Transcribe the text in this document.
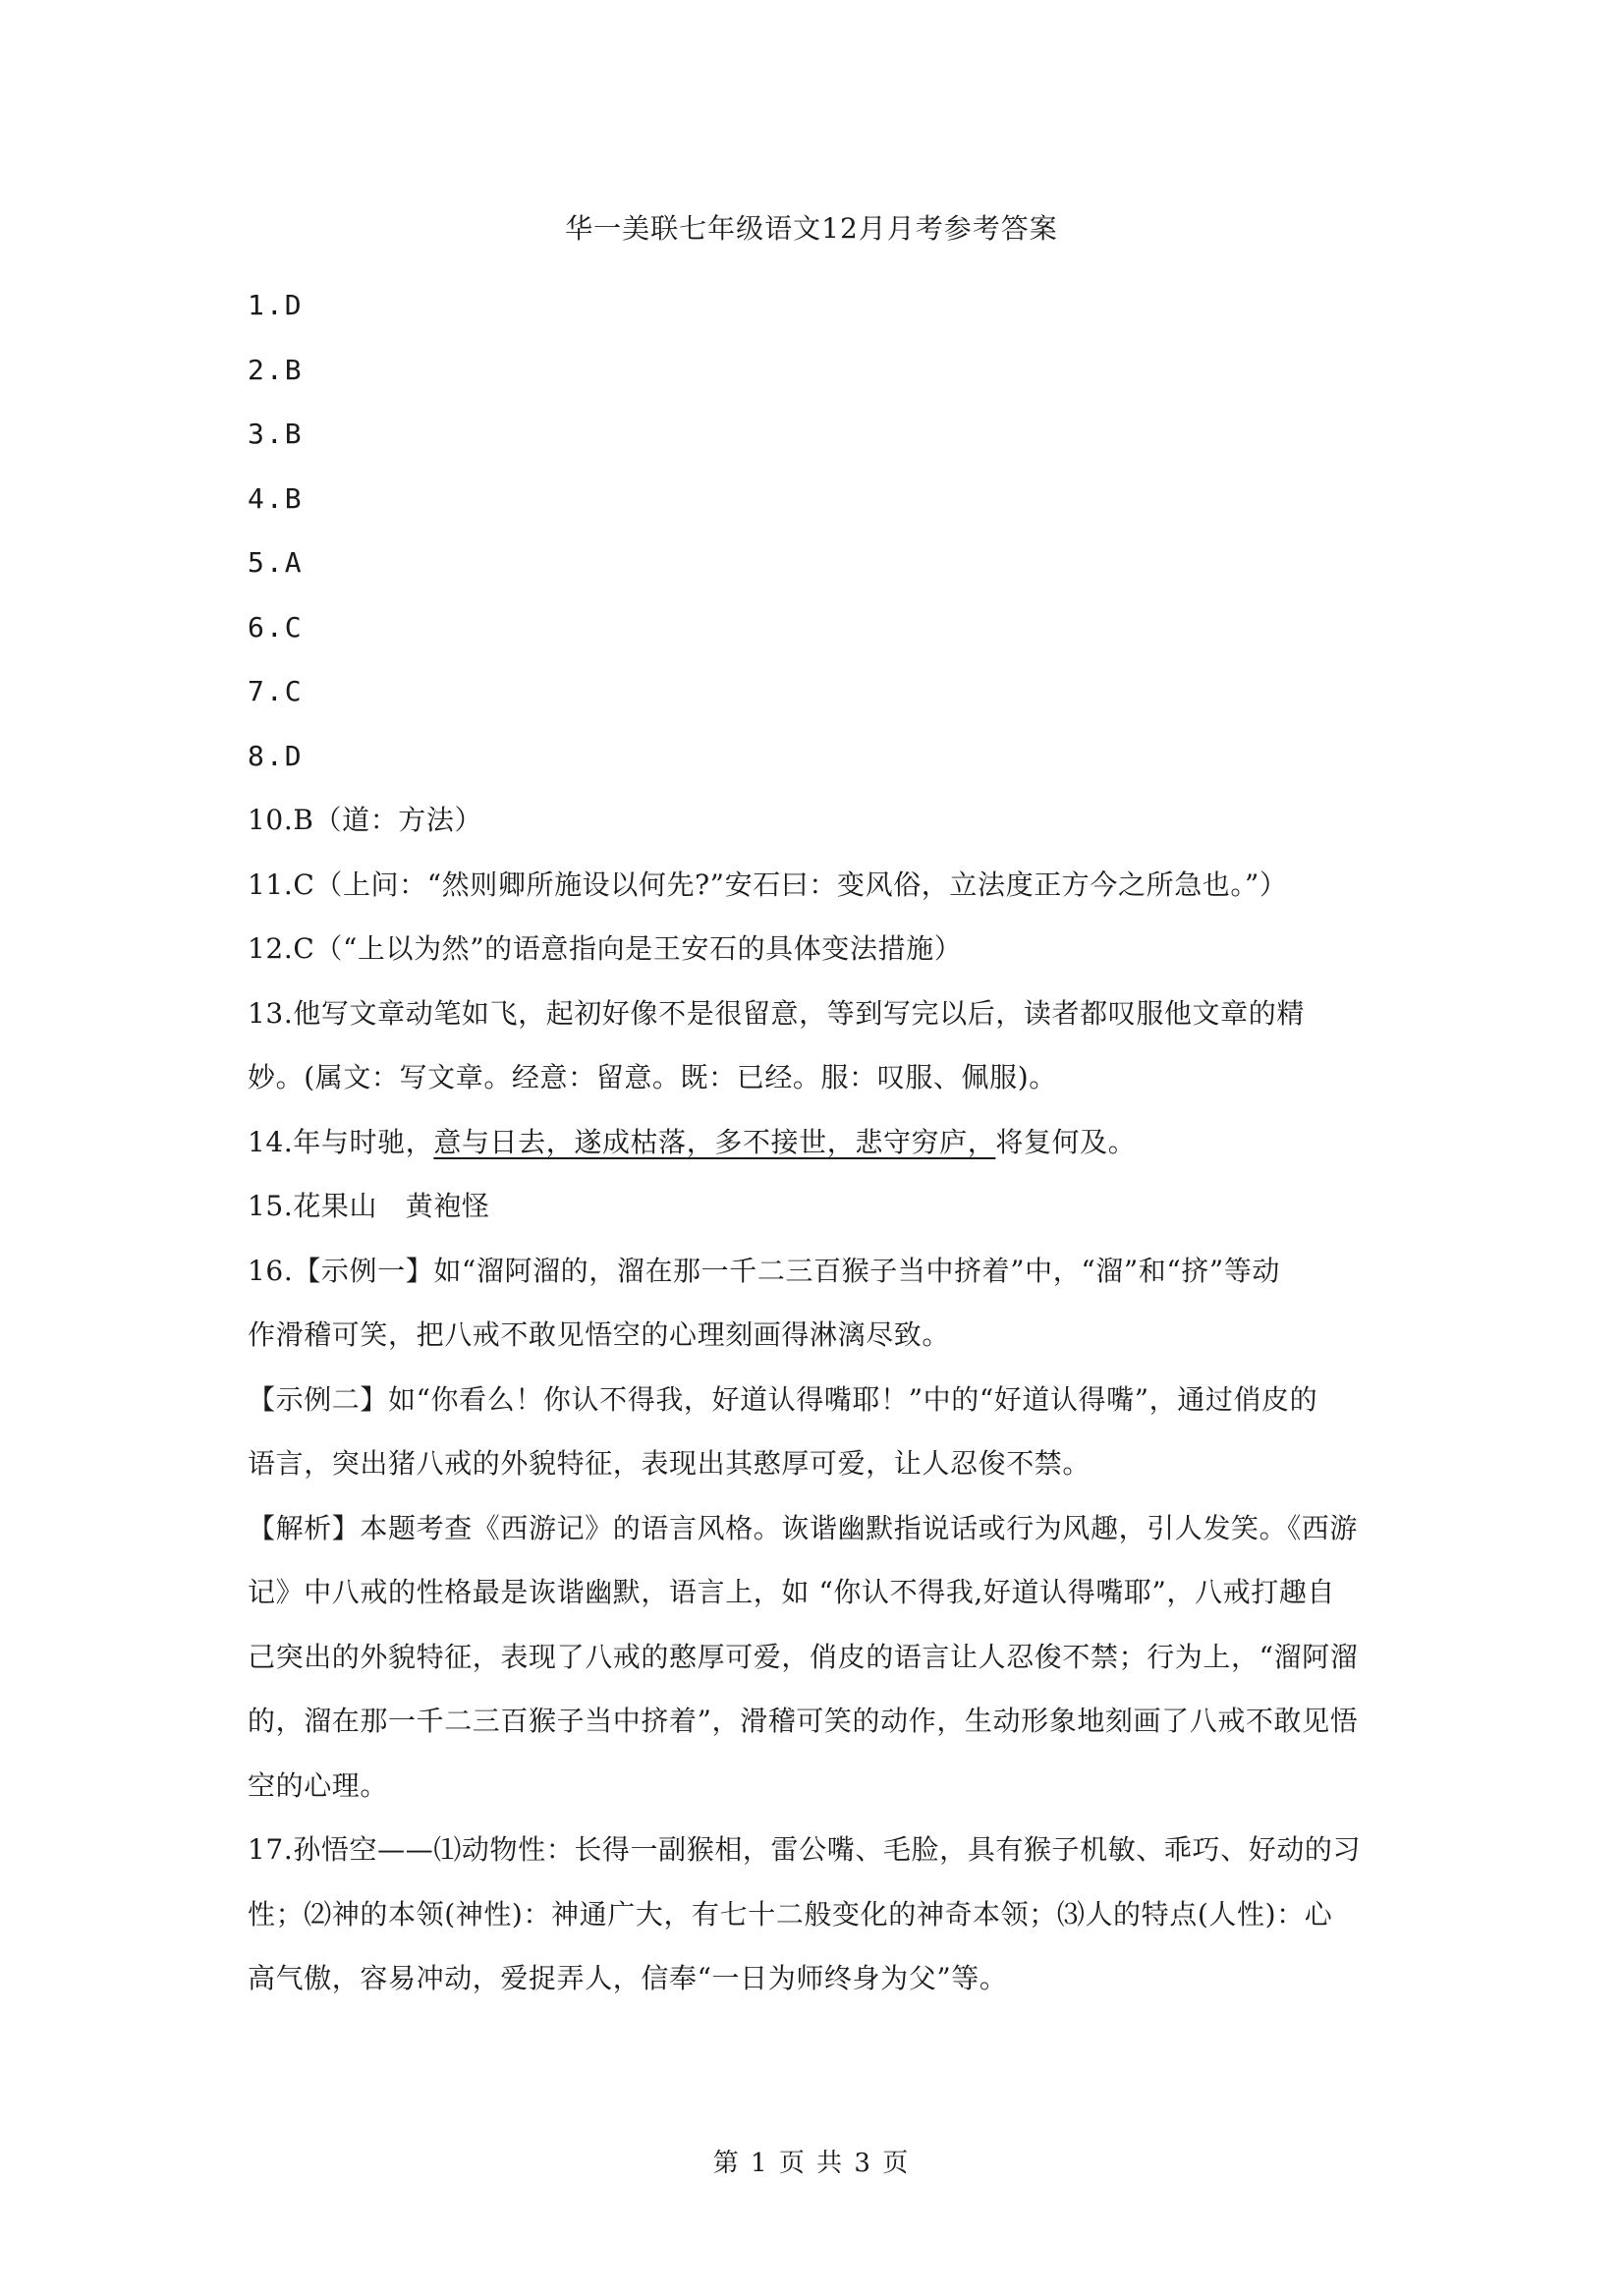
华一美联七年级语文12月月考参考答案
1.D
2.B
3.B
4.B
5.A
6.C
7.C
8.D
10.B（道：方法）
11.C（上问：“然则卿所施设以何先?”安石曰：变风俗，立法度正方今之所急也。”）
12.C（“上以为然”的语意指向是王安石的具体变法措施）
13.他写文章动笔如飞，起初好像不是很留意，等到写完以后，读者都叹服他文章的精
妙。(属文：写文章。经意：留意。既：已经。服：叹服、佩服)。
14.年与时驰，意与日去，遂成枯落，多不接世，悲守穷庐，将复何及。
15.花果山　黄袍怪
16.【示例一】如“溜阿溜的，溜在那一千二三百猴子当中挤着”中，“溜”和“挤”等动
作滑稽可笑，把八戒不敢见悟空的心理刻画得淋漓尽致。
【示例二】如“你看么！你认不得我，好道认得嘴耶！”中的“好道认得嘴”，通过俏皮的
语言，突出猪八戒的外貌特征，表现出其憨厚可爱，让人忍俊不禁。
【解析】本题考查《西游记》的语言风格。诙谐幽默指说话或行为风趣，引人发笑。《西游
记》中八戒的性格最是诙谐幽默，语言上，如 “你认不得我,好道认得嘴耶”，八戒打趣自
己突出的外貌特征，表现了八戒的憨厚可爱，俏皮的语言让人忍俊不禁；行为上，“溜阿溜
的，溜在那一千二三百猴子当中挤着”，滑稽可笑的动作，生动形象地刻画了八戒不敢见悟
空的心理。
17.孙悟空——⑴动物性：长得一副猴相，雷公嘴、毛脸，具有猴子机敏、乖巧、好动的习
性；⑵神的本领(神性)：神通广大，有七十二般变化的神奇本领；⑶人的特点(人性)：心
高气傲，容易冲动，爱捉弄人，信奉“一日为师终身为父”等。
第 1 页 共 3 页
